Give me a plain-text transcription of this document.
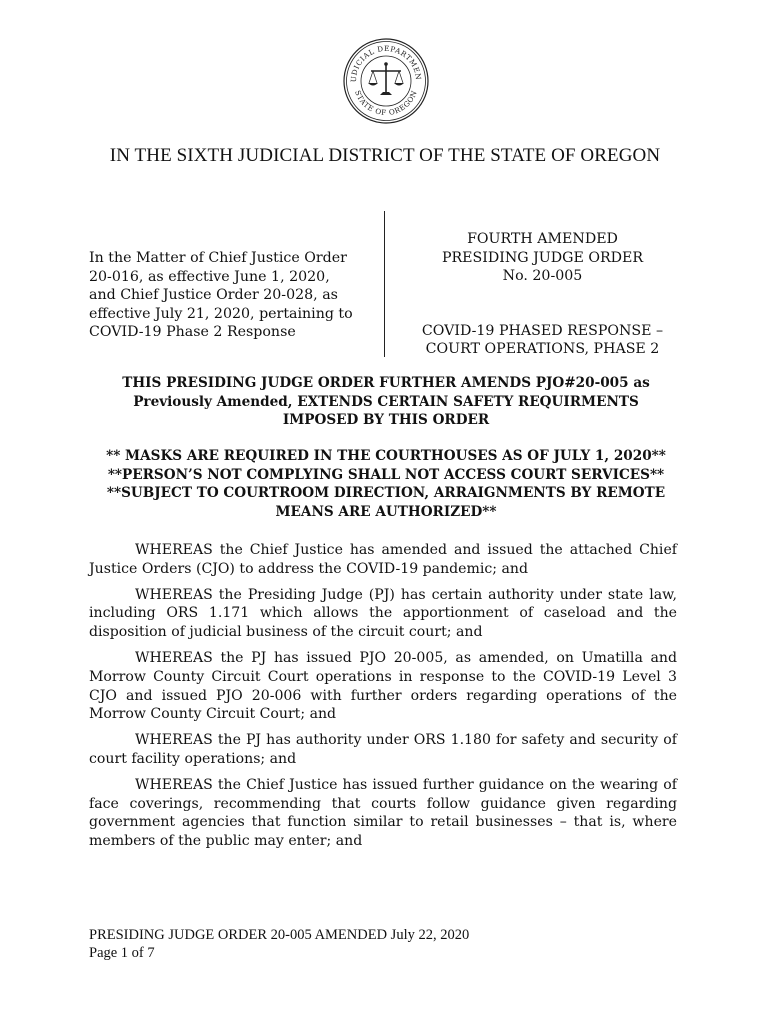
UDICIAL DEPARTMEN
STATE OF OREGON
IN THE SIXTH JUDICIAL DISTRICT OF THE STATE OF OREGON
In the Matter of Chief Justice Order
20-016, as effective June 1, 2020,
and Chief Justice Order 20-028, as
effective July 21, 2020, pertaining to
COVID-19 Phase 2 Response
FOURTH AMENDED
PRESIDING JUDGE ORDER
No. 20-005
COVID-19 PHASED RESPONSE –
COURT OPERATIONS, PHASE 2
THIS PRESIDING JUDGE ORDER FURTHER AMENDS PJO#20-005 as
Previously Amended, EXTENDS CERTAIN SAFETY REQUIRMENTS
IMPOSED BY THIS ORDER
** MASKS ARE REQUIRED IN THE COURTHOUSES AS OF JULY 1, 2020**
**PERSON’S NOT COMPLYING SHALL NOT ACCESS COURT SERVICES**
**SUBJECT TO COURTROOM DIRECTION, ARRAIGNMENTS BY REMOTE
MEANS ARE AUTHORIZED**

WHEREAS the Chief Justice has amended and issued the attached Chief Justice Orders (CJO) to address the COVID-19 pandemic; and

WHEREAS the Presiding Judge (PJ) has certain authority under state law, including ORS 1.171 which allows the apportionment of caseload and the disposition of judicial business of the circuit court; and

WHEREAS the PJ has issued PJO 20-005, as amended, on Umatilla and Morrow County Circuit Court operations in response to the COVID-19 Level 3 CJO and issued PJO 20-006 with further orders regarding operations of the Morrow County Circuit Court; and

WHEREAS the PJ has authority under ORS 1.180 for safety and security of court facility operations; and

WHEREAS the Chief Justice has issued further guidance on the wearing of face coverings, recommending that courts follow guidance given regarding government agencies that function similar to retail businesses – that is, where members of the public may enter; and

PRESIDING JUDGE ORDER 20-005 AMENDED July 22, 2020
Page 1 of 7
